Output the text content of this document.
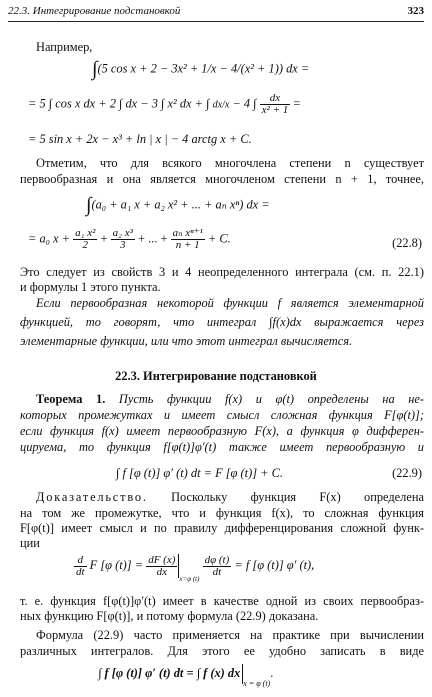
22.3. Интегрирование подстановкой	323
Например,
∫(5 cos x + 2 − 3x² + 1/x − 4/(x² + 1)) dx =
= 5 ∫ cos x dx + 2 ∫ dx − 3 ∫ x² dx + ∫ dx/x − 4 ∫ $\frac{dx}{\text{x² + 1}}$ =
= 5 sin x + 2x − x³ + ln | x | − 4 arctg x + C.
Отметим, что для всякого многочлена степени n существует
первообразная и она является многочленом степени n + 1, точнее,
∫(a₀ + a₁ x + a₂ x² + ... + aₙ xⁿ) dx =
= a₀ $x + \frac{\text{a₁ x²}}{2} + \frac{\text{a₂ x³}}{3}$ + ... + $\frac{\text{aₙ xⁿ⁺¹}}{n + 1} + C$.	(22.8)
Это следует из свойств 3 и 4 неопределенного интеграла (см. п. 22.1)
и формулы 1 этого пункта.
Если первообразная некоторой функции f является элементарной
функцией, то говорят, что интеграл ∫f(x)dx выражается через
элементарные функции, или что этот интеграл вычисляется.
22.3. Интегрирование подстановкой
Теорема 1. Пусть функции f(x) и φ(t) определены на не-
которых промежутках и имеет смысл сложная функция F[φ(t)];
если функция f(x) имеет первообразную F(x), а функция φ дифферен-
цируема, то функция f[φ(t)]φ′(t) также имеет первообразную и
∫ f [φ (t)] φ′ (t) dt = F [φ (t)] + C.	(22.9)
Доказательство. Поскольку функция F(x) определена
на том же промежутке, что и функция f(x), то сложная функция
F[φ(t)] имеет смысл и по правилу дифференцирования сложной функ-
ции
$\frac{d}{dt}$ F [φ $(t)] = \frac{dF (x)}{dx}$
$_{x=\varphi (t)}$
$\frac{d\varphi (t)}{dt} = f$ [φ (t)] φ′ (t),
т. е. функция f[φ(t)]φ′(t) имеет в качестве одной из своих первообраз-
ных функцию F[φ(t)], и потому формула (22.9) доказана.
Формула (22.9) часто применяется на практике при вычислении
различных интегралов. Для этого ее удобно записать в виде
∫ f [φ (t)] φ′ (t) dt = ∫ f (x) $dx_{x = \varphi (t)}$.
